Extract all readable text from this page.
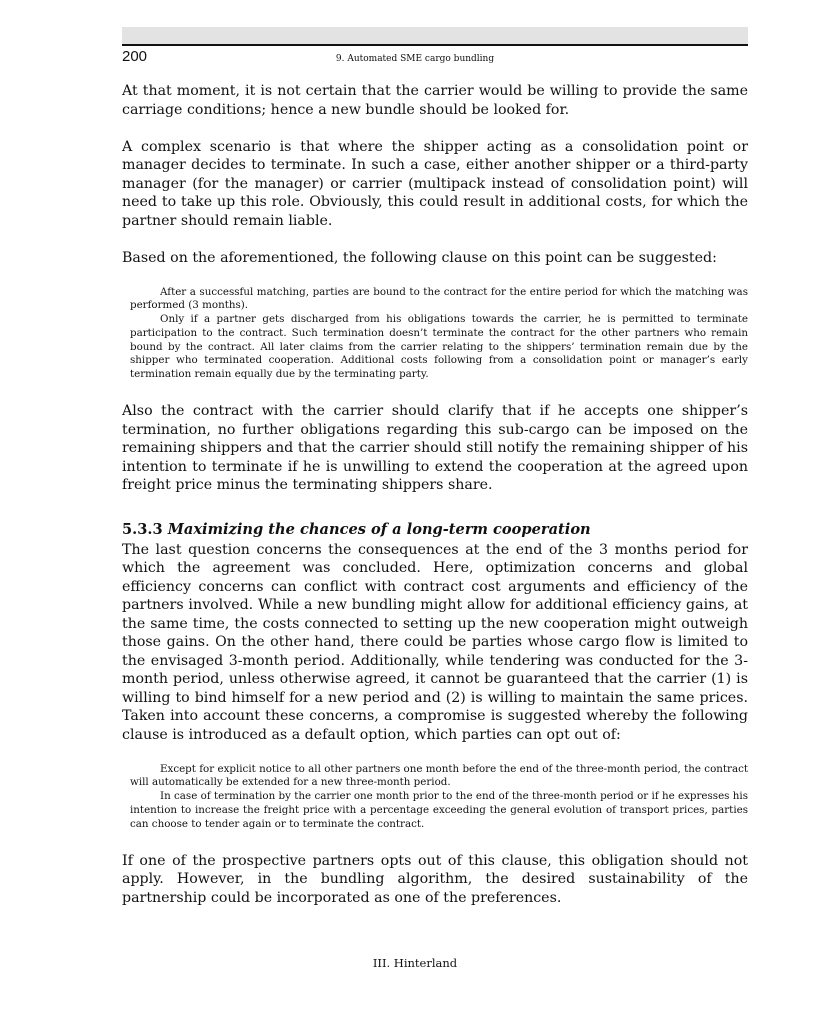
200	9. Automated SME cargo bundling

At that moment, it is not certain that the carrier would be willing to provide the same carriage conditions; hence a new bundle should be looked for.

A complex scenario is that where the shipper acting as a consolidation point or manager decides to terminate. In such a case, either another shipper or a third-party manager (for the manager) or carrier (multipack instead of consolidation point) will need to take up this role. Obviously, this could result in additional costs, for which the partner should remain liable.

Based on the aforementioned, the following clause on this point can be suggested:

After a successful matching, parties are bound to the contract for the entire period for which the matching was performed (3 months).

Only if a partner gets discharged from his obligations towards the carrier, he is permitted to terminate participation to the contract. Such termination doesn’t terminate the contract for the other partners who remain bound by the contract. All later claims from the carrier relating to the shippers’ termination remain due by the shipper who terminated cooperation. Additional costs following from a consolidation point or manager’s early termination remain equally due by the terminating party.

Also the contract with the carrier should clarify that if he accepts one shipper’s termination, no further obligations regarding this sub-cargo can be imposed on the remaining shippers and that the carrier should still notify the remaining shipper of his intention to terminate if he is unwilling to extend the cooperation at the agreed upon freight price minus the terminating shippers share.

5.3.3 Maximizing the chances of a long-term cooperation

The last question concerns the consequences at the end of the 3 months period for which the agreement was concluded. Here, optimization concerns and global efficiency concerns can conflict with contract cost arguments and efficiency of the partners involved. While a new bundling might allow for additional efficiency gains, at the same time, the costs connected to setting up the new cooperation might outweigh those gains. On the other hand, there could be parties whose cargo flow is limited to the envisaged 3-month period. Additionally, while tendering was conducted for the 3-month period, unless otherwise agreed, it cannot be guaranteed that the carrier (1) is willing to bind himself for a new period and (2) is willing to maintain the same prices. Taken into account these concerns, a compromise is suggested whereby the following clause is introduced as a default option, which parties can opt out of:

Except for explicit notice to all other partners one month before the end of the three-month period, the contract will automatically be extended for a new three-month period.

In case of termination by the carrier one month prior to the end of the three-month period or if he expresses his intention to increase the freight price with a percentage exceeding the general evolution of transport prices, parties can choose to tender again or to terminate the contract.

If one of the prospective partners opts out of this clause, this obligation should not apply. However, in the bundling algorithm, the desired sustainability of the partnership could be incorporated as one of the preferences.

III. Hinterland
